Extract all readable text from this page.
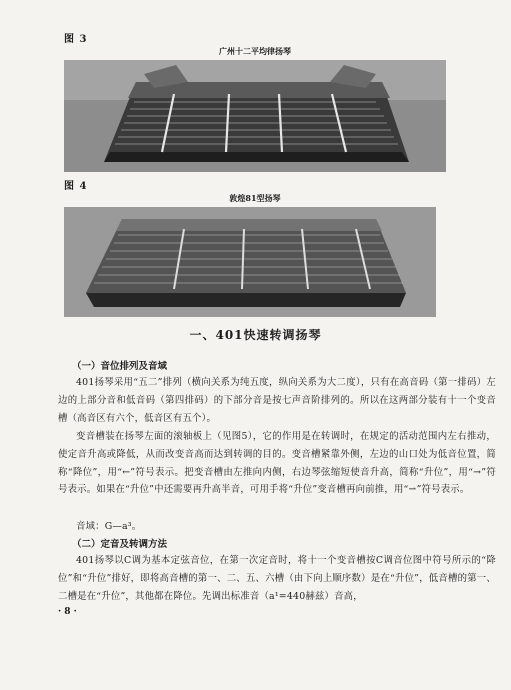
图 3
广州十二平均律扬琴
图 4
敦煌81型扬琴
一、401快速转调扬琴
（一）音位排列及音域
401扬琴采用“五二”排列（横向关系为纯五度，纵向关系为大二度），只有在高音码（第一排码）左边的上部分音和低音码（第四排码）的下部分音是按七声音阶排列的。所以在这两部分装有十一个变音槽（高音区有六个，低音区有五个）。
变音槽装在扬琴左面的滚轴板上（见图5），它的作用是在转调时，在规定的活动范围内左右推动，使定音升高或降低，从而改变音高而达到转调的目的。变音槽紧靠外侧，左边的山口处为低音位置，简称“降位”，用“←”符号表示。把变音槽由左推向内侧，右边琴弦缩短使音升高，简称“升位”，用“→”符号表示。如果在“升位”中还需要再升高半音，可用手将“升位”变音槽再向前推，用“⇀”符号表示。
音域：G—a³。
（二）定音及转调方法
401扬琴以C调为基本定弦音位，在第一次定音时，将十一个变音槽按C调音位图中符号所示的“降位”和“升位”排好，即将高音槽的第一、二、五、六槽（由下向上顺序数）是在“升位”，低音槽的第一、二槽是在“升位”，其他都在降位。先调出标准音（a¹=440赫兹）音高，
· 8 ·
